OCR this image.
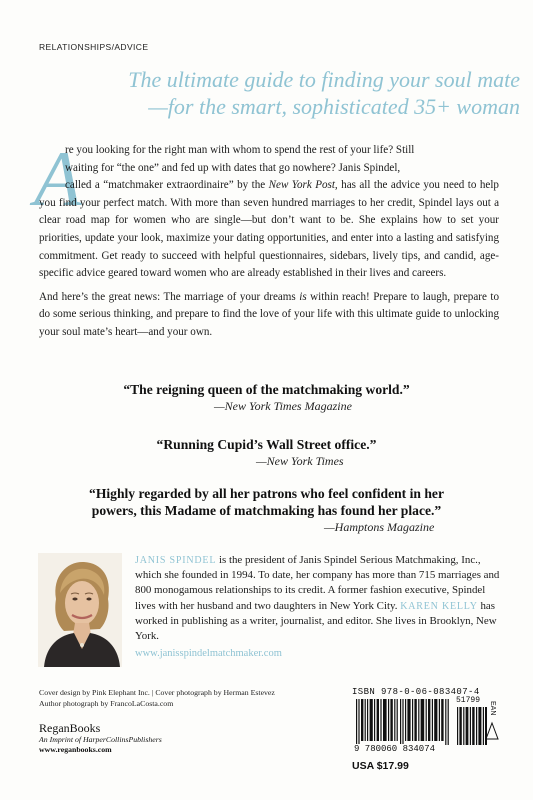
RELATIONSHIPS/ADVICE
The ultimate guide to finding your soul mate
—for the smart, sophisticated 35+ woman
A

re you looking for the right man with whom to spend the rest of your life? Still
waiting for “the one” and fed up with dates that go nowhere? Janis Spindel,
called a “matchmaker extraordinaire” by the New York Post, has all the advice you need to help you find your perfect match. With more than seven hundred marriages to her credit, Spindel lays out a clear road map for women who are single—but don’t want to be. She explains how to set your priorities, update your look, maximize your dating opportunities, and enter into a lasting and satisfying commitment. Get ready to succeed with helpful questionnaires, sidebars, lively tips, and candid, age-specific advice geared toward women who are already established in their lives and careers.

And here’s the great news: The marriage of your dreams is within reach! Prepare to laugh, prepare to do some serious thinking, and prepare to find the love of your life with this ultimate guide to unlocking your soul mate’s heart—and your own.

“The reigning queen of the matchmaking world.”
—New York Times Magazine
“Running Cupid’s Wall Street office.”
—New York Times
“Highly regarded by all her patrons who feel confident in her
powers, this Madame of matchmaking has found her place.”
—Hamptons Magazine
JANIS SPINDEL is the president of Janis Spindel Serious Matchmaking, Inc., which she founded in 1994. To date, her company has more than 715 marriages and 800 monogamous relationships to its credit. A former fashion executive, Spindel lives with her husband and two daughters in New York City. KAREN KELLY has worked in publishing as a writer, journalist, and editor. She lives in Brooklyn, New York.
www.janisspindelmatchmaker.com
Cover design by Pink Elephant Inc. | Cover photograph by Herman Estevez
Author photograph by FrancoLaCosta.com
ReganBooks
An Imprint of HarperCollinsPublishers
www.reganbooks.com
ISBN 978-0-06-083407-4
51799
EAN
9 780060 834074
USA $17.99
